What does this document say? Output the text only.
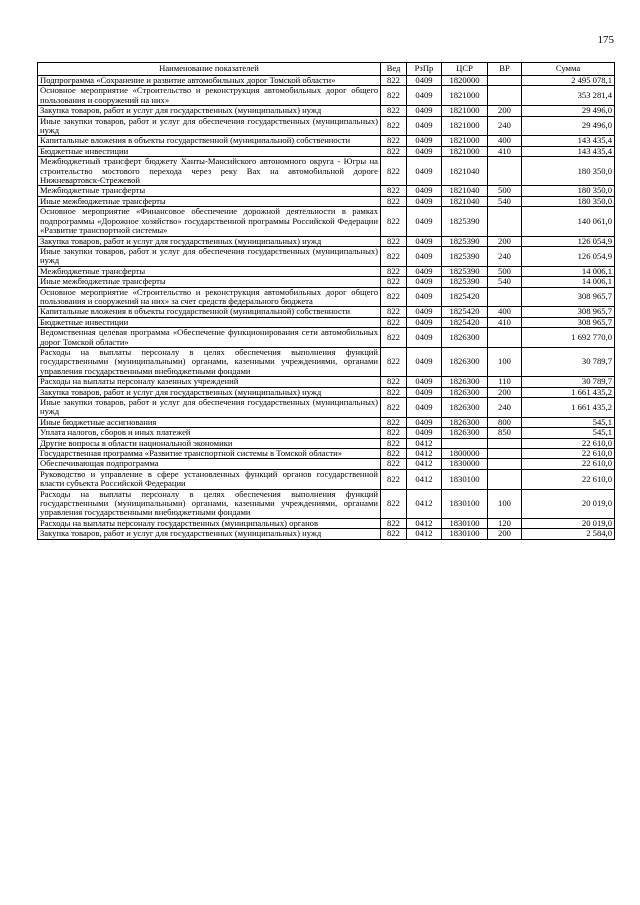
175
Наименование показателей	Вед	РзПр	ЦСР	ВР	Сумма
Подпрограмма «Сохранение и развитие автомобильных дорог Томской области»	822	0409	1820000		2 495 078,1
Основное мероприятие «Строительство и реконструкция автомобильных дорог общего пользования и сооружений на них»	822	0409	1821000		353 281,4
Закупка товаров, работ и услуг для государственных (муниципальных) нужд	822	0409	1821000	200	29 496,0
Иные закупки товаров, работ и услуг для обеспечения государственных (муниципальных) нужд	822	0409	1821000	240	29 496,0
Капитальные вложения в объекты государственной (муниципальной) собственности	822	0409	1821000	400	143 435,4
Бюджетные инвестиции	822	0409	1821000	410	143 435,4
Межбюджетный трансферт бюджету Ханты-Мансийского автономного округа - Югры на строительство мостового перехода через реку Вах на автомобильной дороге Нижневартовск-Стрежевой	822	0409	1821040		180 350,0
Межбюджетные трансферты	822	0409	1821040	500	180 350,0
Иные межбюджетные трансферты	822	0409	1821040	540	180 350,0
Основное мероприятие «Финансовое обеспечение дорожной деятельности в рамках подпрограммы «Дорожное хозяйство» государственной программы Российской Федерации «Развитие транспортной системы»	822	0409	1825390		140 061,0
Закупка товаров, работ и услуг для государственных (муниципальных) нужд	822	0409	1825390	200	126 054,9
Иные закупки товаров, работ и услуг для обеспечения государственных (муниципальных) нужд	822	0409	1825390	240	126 054,9
Межбюджетные трансферты	822	0409	1825390	500	14 006,1
Иные межбюджетные трансферты	822	0409	1825390	540	14 006,1
Основное мероприятие «Строительство и реконструкция автомобильных дорог общего пользования и сооружений на них» за счет средств федерального бюджета	822	0409	1825420		308 965,7
Капитальные вложения в объекты государственной (муниципальной) собственности	822	0409	1825420	400	308 965,7
Бюджетные инвестиции	822	0409	1825420	410	308 965,7
Ведомственная целевая программа «Обеспечение функционирования сети автомобильных дорог Томской области»	822	0409	1826300		1 692 770,0
Расходы на выплаты персоналу в целях обеспечения выполнения функций государственными (муниципальными) органами, казенными учреждениями, органами управления государственными внебюджетными фондами	822	0409	1826300	100	30 789,7
Расходы на выплаты персоналу казенных учреждений	822	0409	1826300	110	30 789,7
Закупка товаров, работ и услуг для государственных (муниципальных) нужд	822	0409	1826300	200	1 661 435,2
Иные закупки товаров, работ и услуг для обеспечения государственных (муниципальных) нужд	822	0409	1826300	240	1 661 435,2
Иные бюджетные ассигнования	822	0409	1826300	800	545,1
Уплата налогов, сборов и иных платежей	822	0409	1826300	850	545,1
Другие вопросы в области национальной экономики	822	0412			22 610,0
Государственная программа «Развитие транспортной системы в Томской области»	822	0412	1800000		22 610,0
Обеспечивающая подпрограмма	822	0412	1830000		22 610,0
Руководство и управление в сфере установленных функций органов государственной власти субъекта Российской Федерации	822	0412	1830100		22 610,0
Расходы на выплаты персоналу в целях обеспечения выполнения функций государственными (муниципальными) органами, казенными учреждениями, органами управления государственными внебюджетными фондами	822	0412	1830100	100	20 019,0
Расходы на выплаты персоналу государственных (муниципальных) органов	822	0412	1830100	120	20 019,0
Закупка товаров, работ и услуг для государственных (муниципальных) нужд	822	0412	1830100	200	2 584,0
